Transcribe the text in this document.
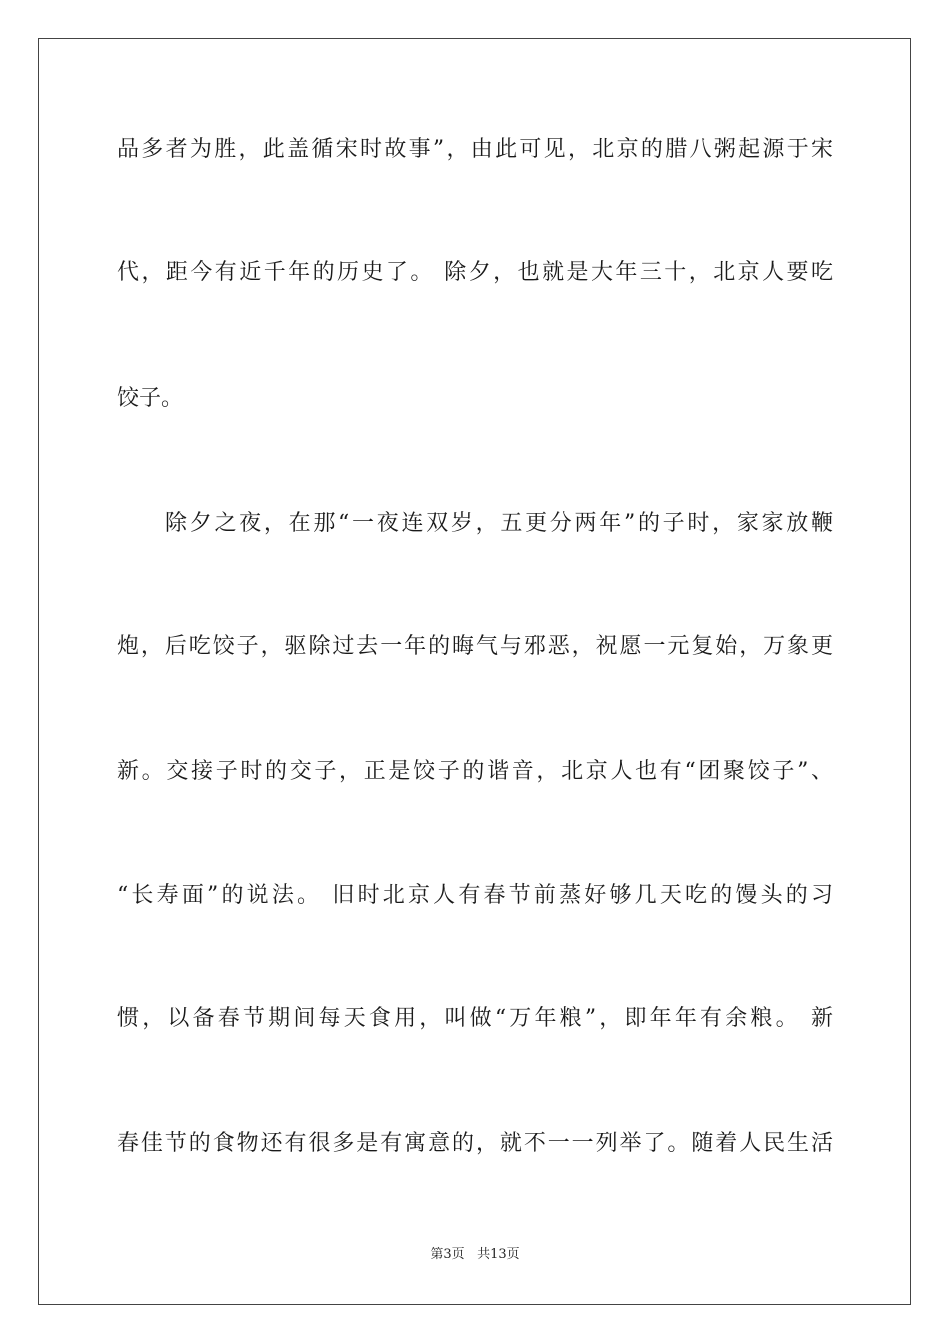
品多者为胜，此盖循宋时故事”，由此可见，北京的腊八粥起源于宋
代，距今有近千年的历史了。 除夕，也就是大年三十，北京人要吃
饺子。
除夕之夜，在那“一夜连双岁，五更分两年”的子时，家家放鞭
炮，后吃饺子，驱除过去一年的晦气与邪恶，祝愿一元复始，万象更
新。交接子时的交子，正是饺子的谐音，北京人也有“团聚饺子”、
“长寿面”的说法。 旧时北京人有春节前蒸好够几天吃的馒头的习
惯，以备春节期间每天食用，叫做“万年粮”，即年年有余粮。 新
春佳节的食物还有很多是有寓意的，就不一一列举了。随着人民生活
第3页 共13页
